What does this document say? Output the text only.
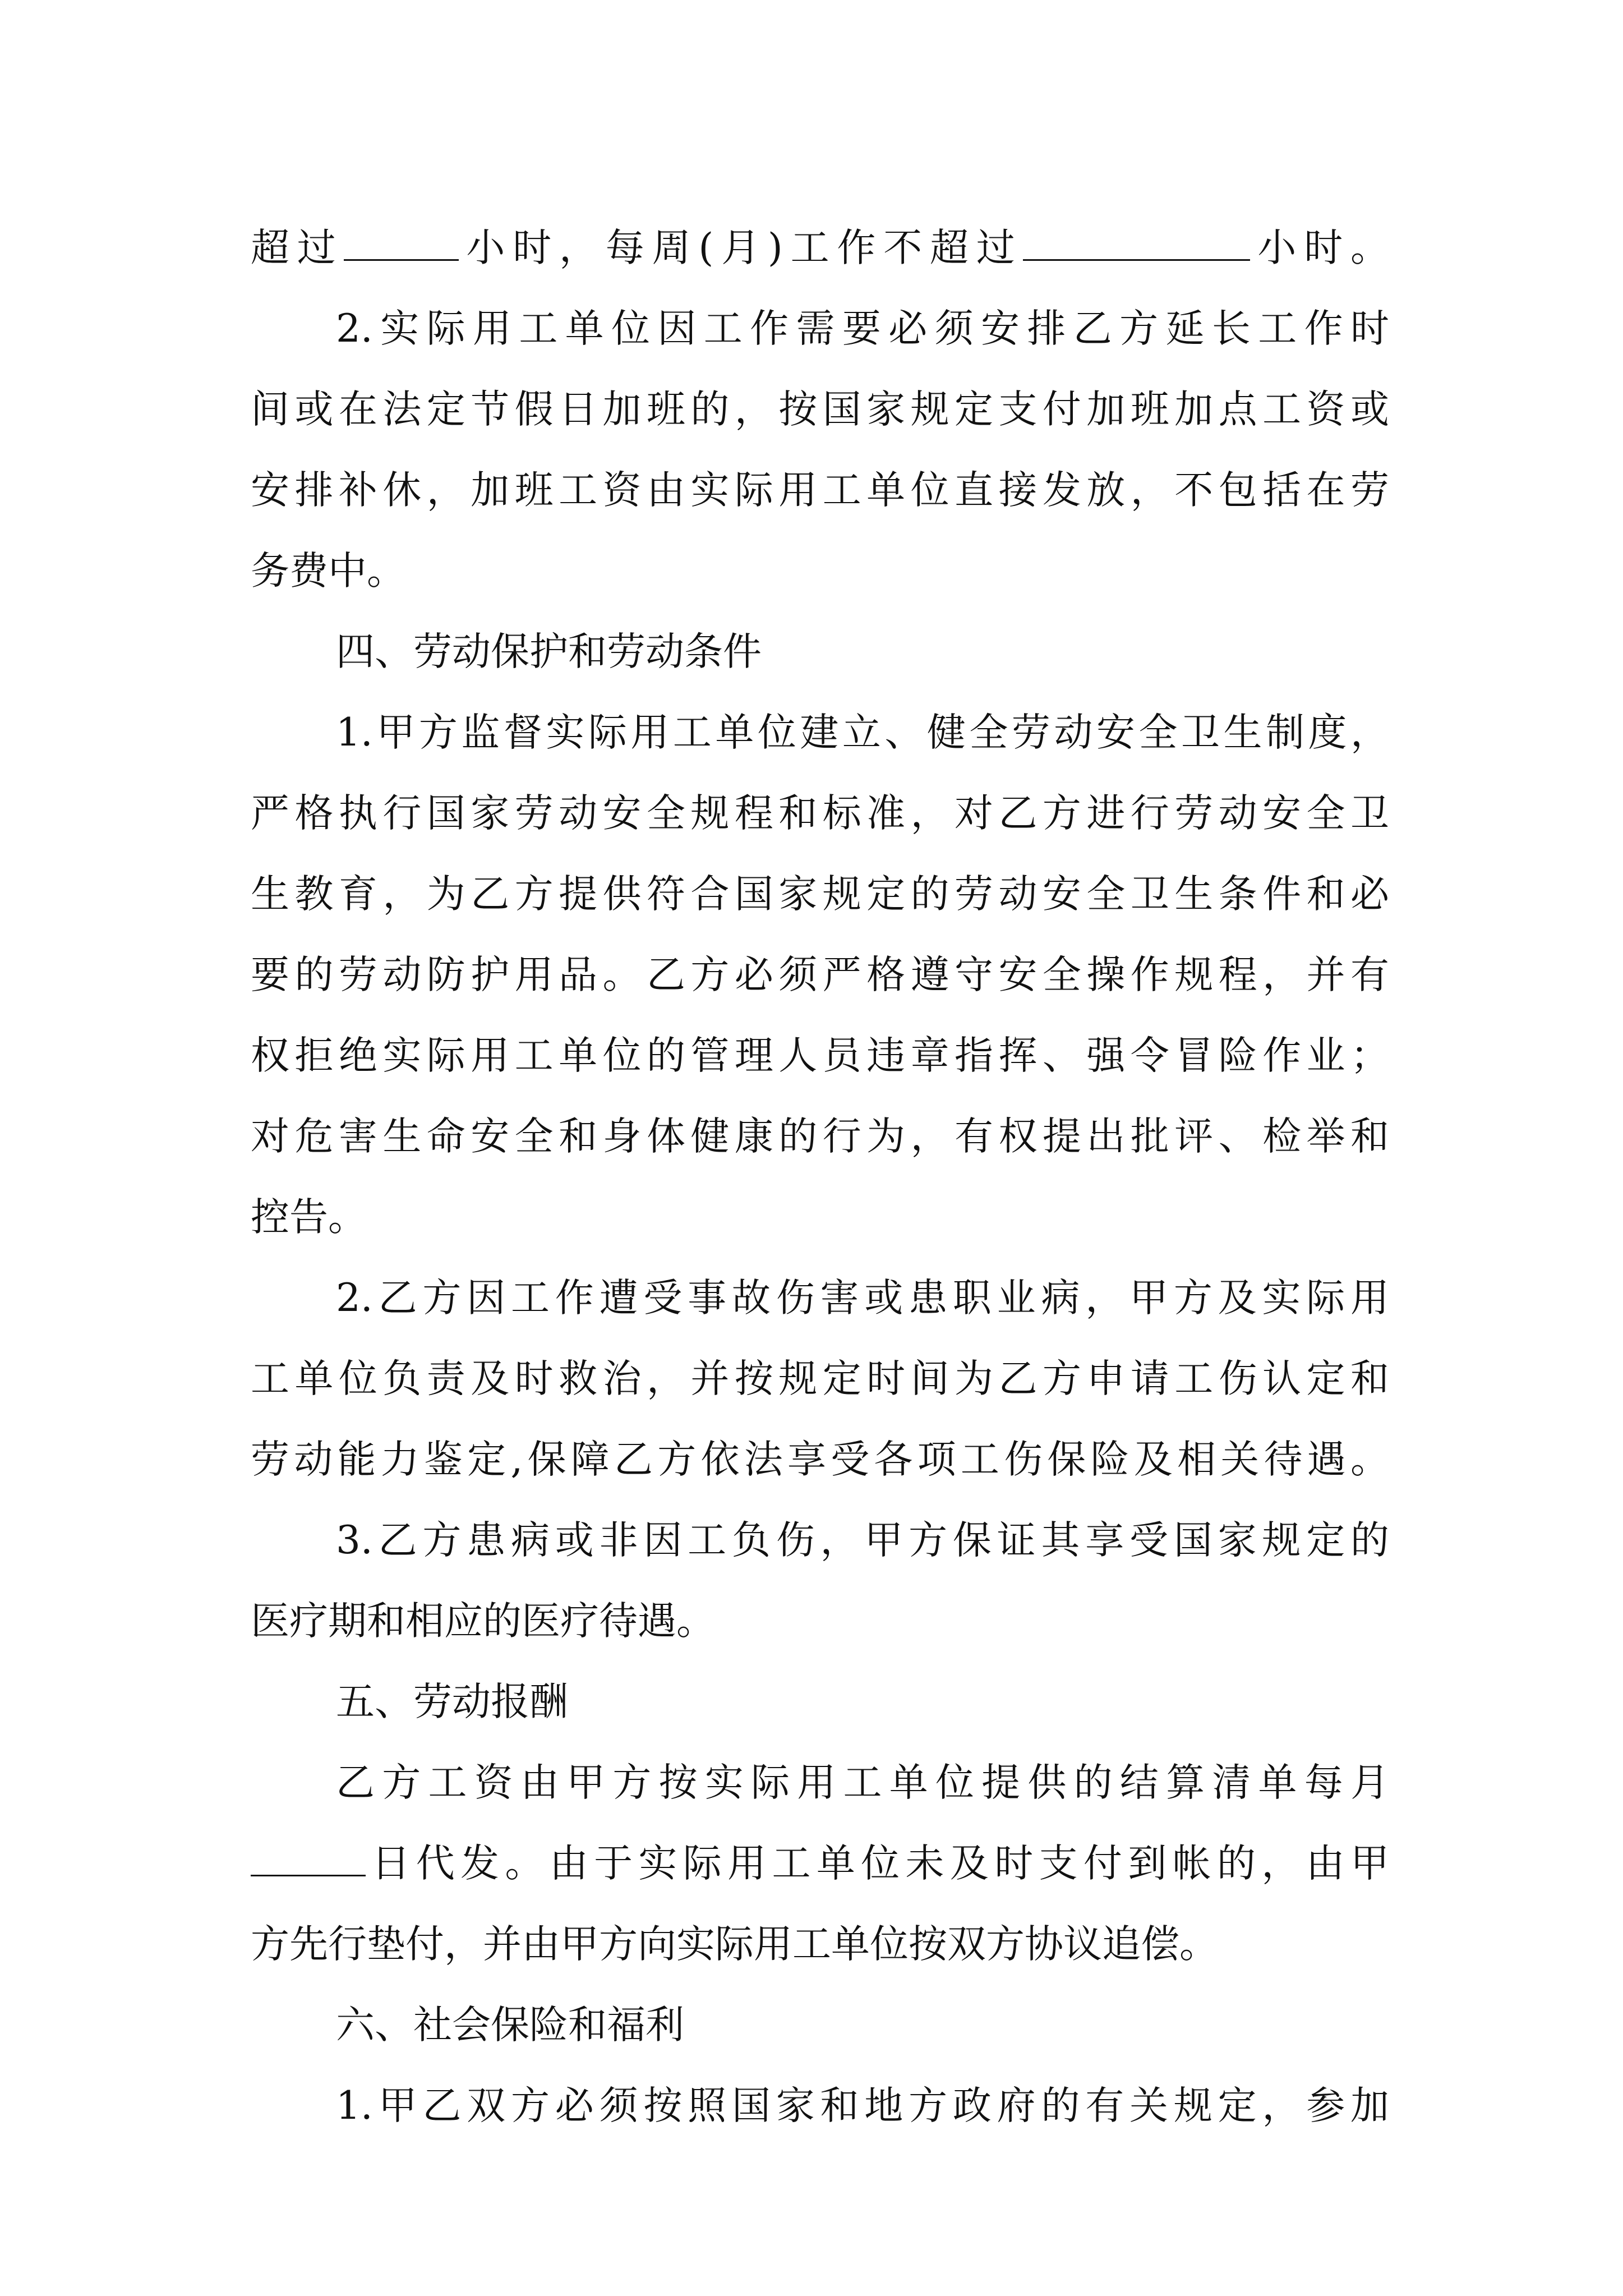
超过	小时，每周(月)工作不超过	小时。
2.实际用工单位因工作需要必须安排乙方延长工作时
间或在法定节假日加班的，按国家规定支付加班加点工资或
安排补休，加班工资由实际用工单位直接发放，不包括在劳
务费中。
四、劳动保护和劳动条件
1.甲方监督实际用工单位建立、健全劳动安全卫生制度，
严格执行国家劳动安全规程和标准，对乙方进行劳动安全卫
生教育，为乙方提供符合国家规定的劳动安全卫生条件和必
要的劳动防护用品。乙方必须严格遵守安全操作规程，并有
权拒绝实际用工单位的管理人员违章指挥、强令冒险作业；
对危害生命安全和身体健康的行为，有权提出批评、检举和
控告。
2.乙方因工作遭受事故伤害或患职业病，甲方及实际用
工单位负责及时救治，并按规定时间为乙方申请工伤认定和
劳动能力鉴定,保障乙方依法享受各项工伤保险及相关待遇。
3.乙方患病或非因工负伤，甲方保证其享受国家规定的
医疗期和相应的医疗待遇。
五、劳动报酬
乙方工资由甲方按实际用工单位提供的结算清单每月
日代发。由于实际用工单位未及时支付到帐的，由甲
方先行垫付，并由甲方向实际用工单位按双方协议追偿。
六、社会保险和福利
1.甲乙双方必须按照国家和地方政府的有关规定，参加
